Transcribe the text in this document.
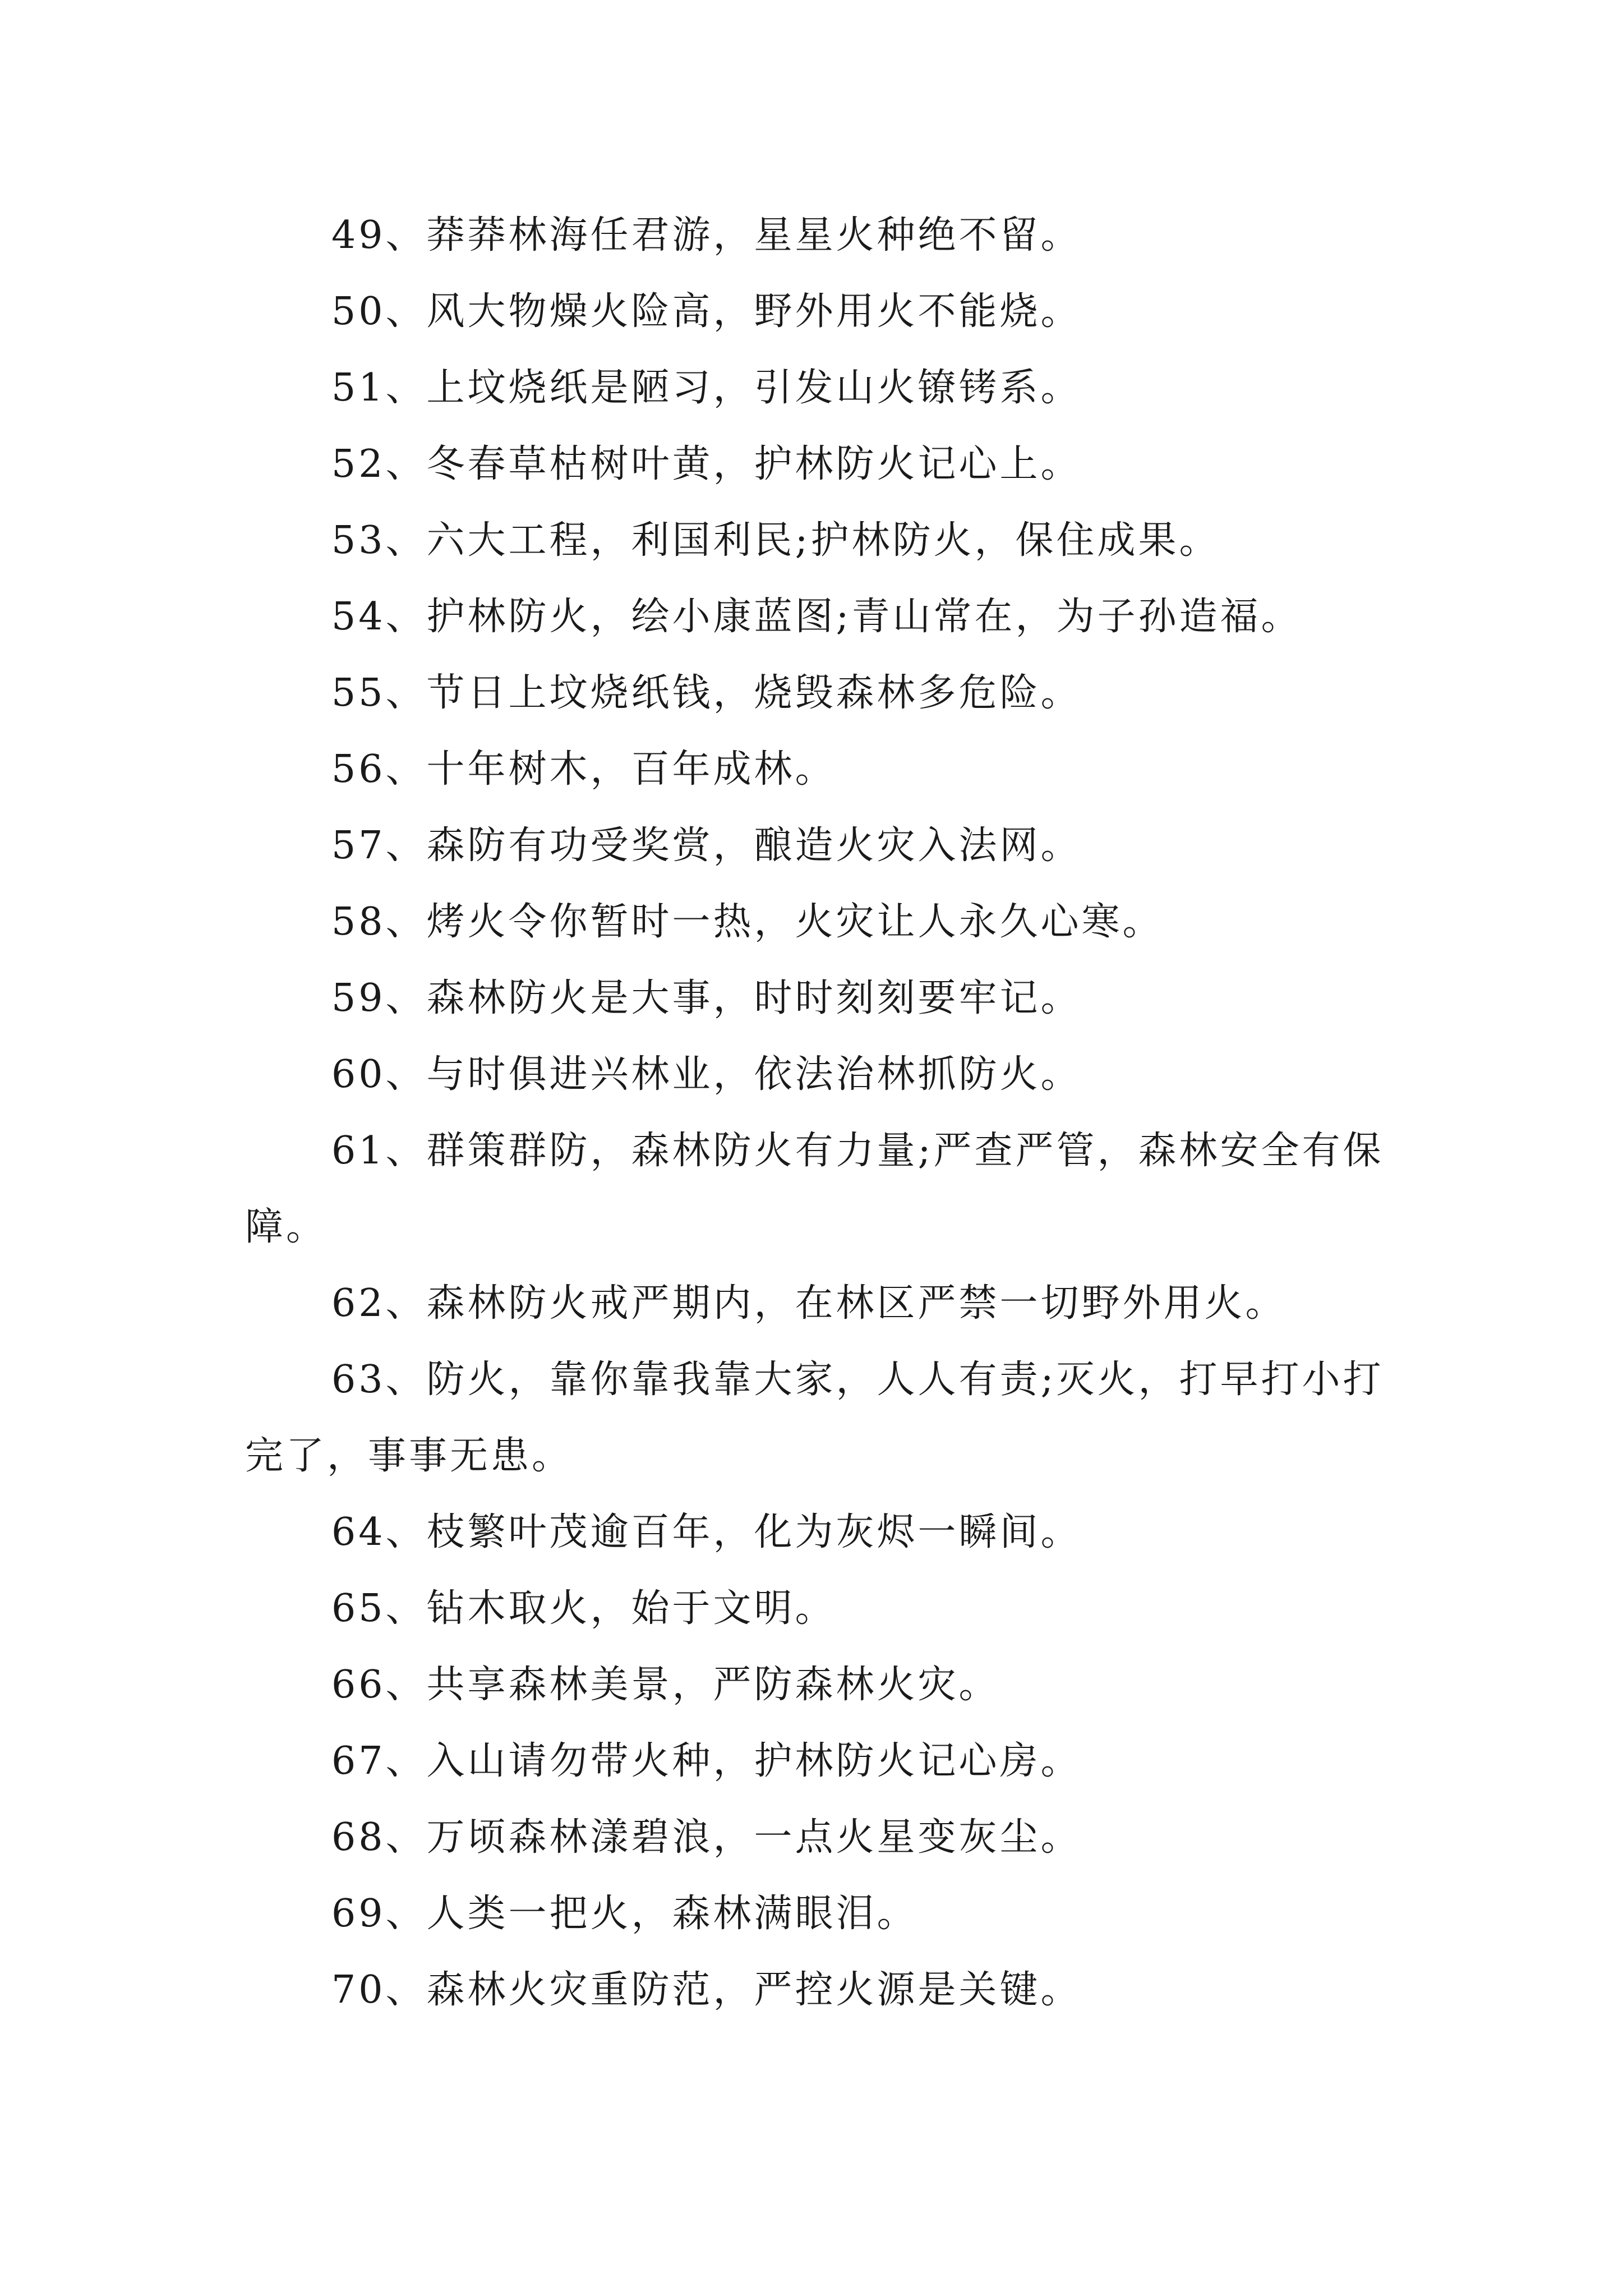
49、莽莽林海任君游，星星火种绝不留。

50、风大物燥火险高，野外用火不能烧。

51、上坟烧纸是陋习，引发山火镣铐系。

52、冬春草枯树叶黄，护林防火记心上。

53、六大工程，利国利民;护林防火，保住成果。

54、护林防火，绘小康蓝图;青山常在，为子孙造福。

55、节日上坟烧纸钱，烧毁森林多危险。

56、十年树木，百年成林。

57、森防有功受奖赏，酿造火灾入法网。

58、烤火令你暂时一热，火灾让人永久心寒。

59、森林防火是大事，时时刻刻要牢记。

60、与时俱进兴林业，依法治林抓防火。

61、群策群防，森林防火有力量;严查严管，森林安全有保障。

62、森林防火戒严期内，在林区严禁一切野外用火。

63、防火，靠你靠我靠大家，人人有责;灭火，打早打小打完了，事事无患。

64、枝繁叶茂逾百年，化为灰烬一瞬间。

65、钻木取火，始于文明。

66、共享森林美景，严防森林火灾。

67、入山请勿带火种，护林防火记心房。

68、万顷森林漾碧浪，一点火星变灰尘。

69、人类一把火，森林满眼泪。

70、森林火灾重防范，严控火源是关键。
